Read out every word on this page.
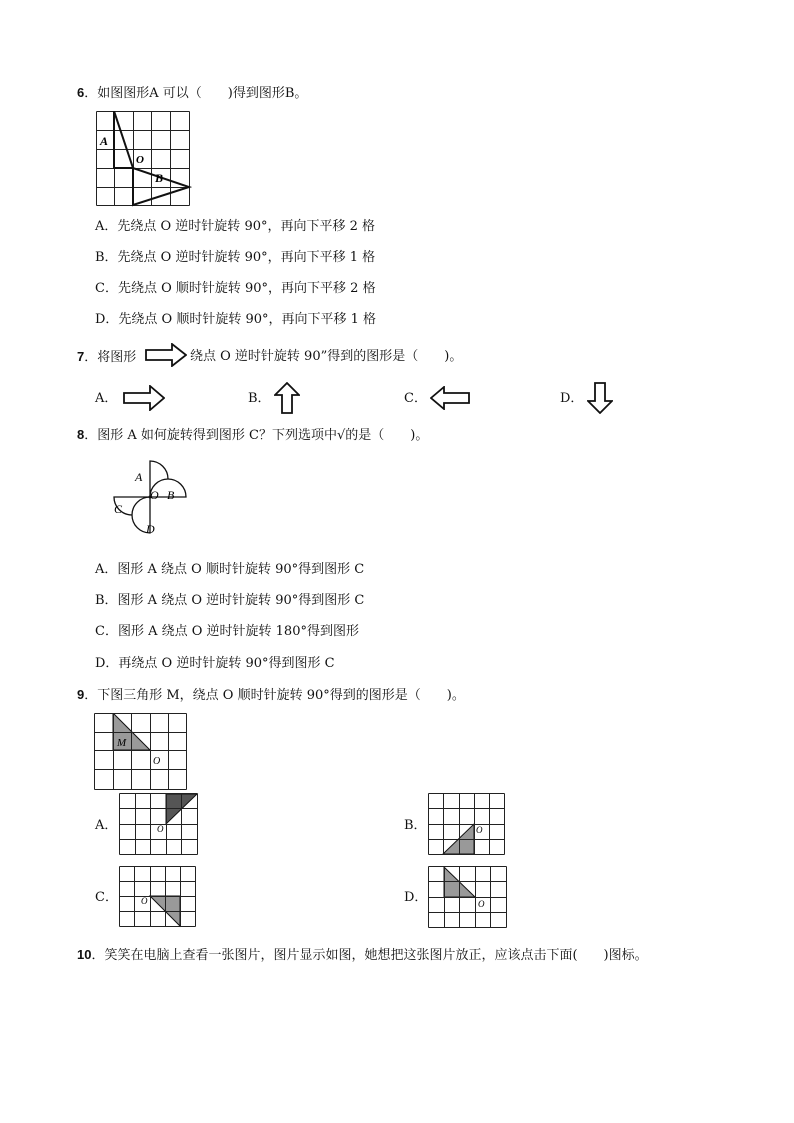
6．如图图形A 可以（　　)得到图形B。
A
O
B
A．先绕点 O 逆时针旋转 90°，再向下平移 2 格
B．先绕点 O 逆时针旋转 90°，再向下平移 1 格
C．先绕点 O 顺时针旋转 90°，再向下平移 2 格
D．先绕点 O 顺时针旋转 90°，再向下平移 1 格
7．将图形	绕点 O 逆时针旋转 90”得到的图形是（　　)。
A．	B．	C．	D．
8．图形 A 如何旋转得到图形 C？下列选项中√的是（　　)。
A
O B
C
D
A．图形 A 绕点 O 顺时针旋转 90°得到图形 C
B．图形 A 绕点 O 逆时针旋转 90°得到图形 C
C．图形 A 绕点 O 逆时针旋转 180°得到图形
D．再绕点 O 逆时针旋转 90°得到图形 C
9．下图三角形 M，绕点 O 顺时针旋转 90°得到的图形是（　　)。
M
O
A．	O	B．	O
C．	O	D．	O
10．笑笑在电脑上查看一张图片，图片显示如图，她想把这张图片放正，应该点击下面(　　)图标。
